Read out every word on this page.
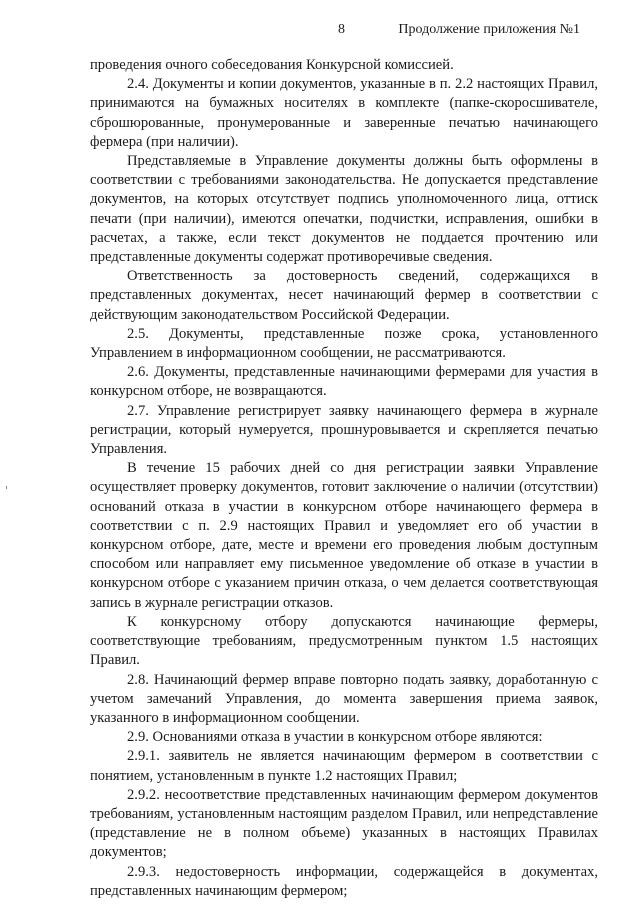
8	Продолжение приложения №1

проведения очного собеседования Конкурсной комиссией.

2.4. Документы и копии документов, указанные в п. 2.2 настоящих Правил, принимаются на бумажных носителях в комплекте (папке-скоросшивателе, сброшюрованные, пронумерованные и заверенные печатью начинающего фермера (при наличии).

Представляемые в Управление документы должны быть оформлены в соответствии с требованиями законодательства. Не допускается представление документов, на которых отсутствует подпись уполномоченного лица, оттиск печати (при наличии), имеются опечатки, подчистки, исправления, ошибки в расчетах, а также, если текст документов не поддается прочтению или представленные документы содержат противоречивые сведения.

Ответственность за достоверность сведений, содержащихся в представленных документах, несет начинающий фермер в соответствии с действующим законодательством Российской Федерации.

2.5. Документы, представленные позже срока, установленного Управлением в информационном сообщении, не рассматриваются.

2.6. Документы, представленные начинающими фермерами для участия в конкурсном отборе, не возвращаются.

2.7. Управление регистрирует заявку начинающего фермера в журнале регистрации, который нумеруется, прошнуровывается и скрепляется печатью Управления.

В течение 15 рабочих дней со дня регистрации заявки Управление осуществляет проверку документов, готовит заключение о наличии (отсутствии) оснований отказа в участии в конкурсном отборе начинающего фермера в соответствии с п. 2.9 настоящих Правил и уведомляет его об участии в конкурсном отборе, дате, месте и времени его проведения любым доступным способом или направляет ему письменное уведомление об отказе в участии в конкурсном отборе с указанием причин отказа, о чем делается соответствующая запись в журнале регистрации отказов.

К конкурсному отбору допускаются начинающие фермеры, соответствующие требованиям, предусмотренным пунктом 1.5 настоящих Правил.

2.8. Начинающий фермер вправе повторно подать заявку, доработанную с учетом замечаний Управления, до момента завершения приема заявок, указанного в информационном сообщении.

2.9. Основаниями отказа в участии в конкурсном отборе являются:

2.9.1. заявитель не является начинающим фермером в соответствии с понятием, установленным в пункте 1.2 настоящих Правил;

2.9.2. несоответствие представленных начинающим фермером документов требованиям, установленным настоящим разделом Правил, или непредставление (представление не в полном объеме) указанных в настоящих Правилах документов;

2.9.3. недостоверность информации, содержащейся в документах, представленных начинающим фермером;
